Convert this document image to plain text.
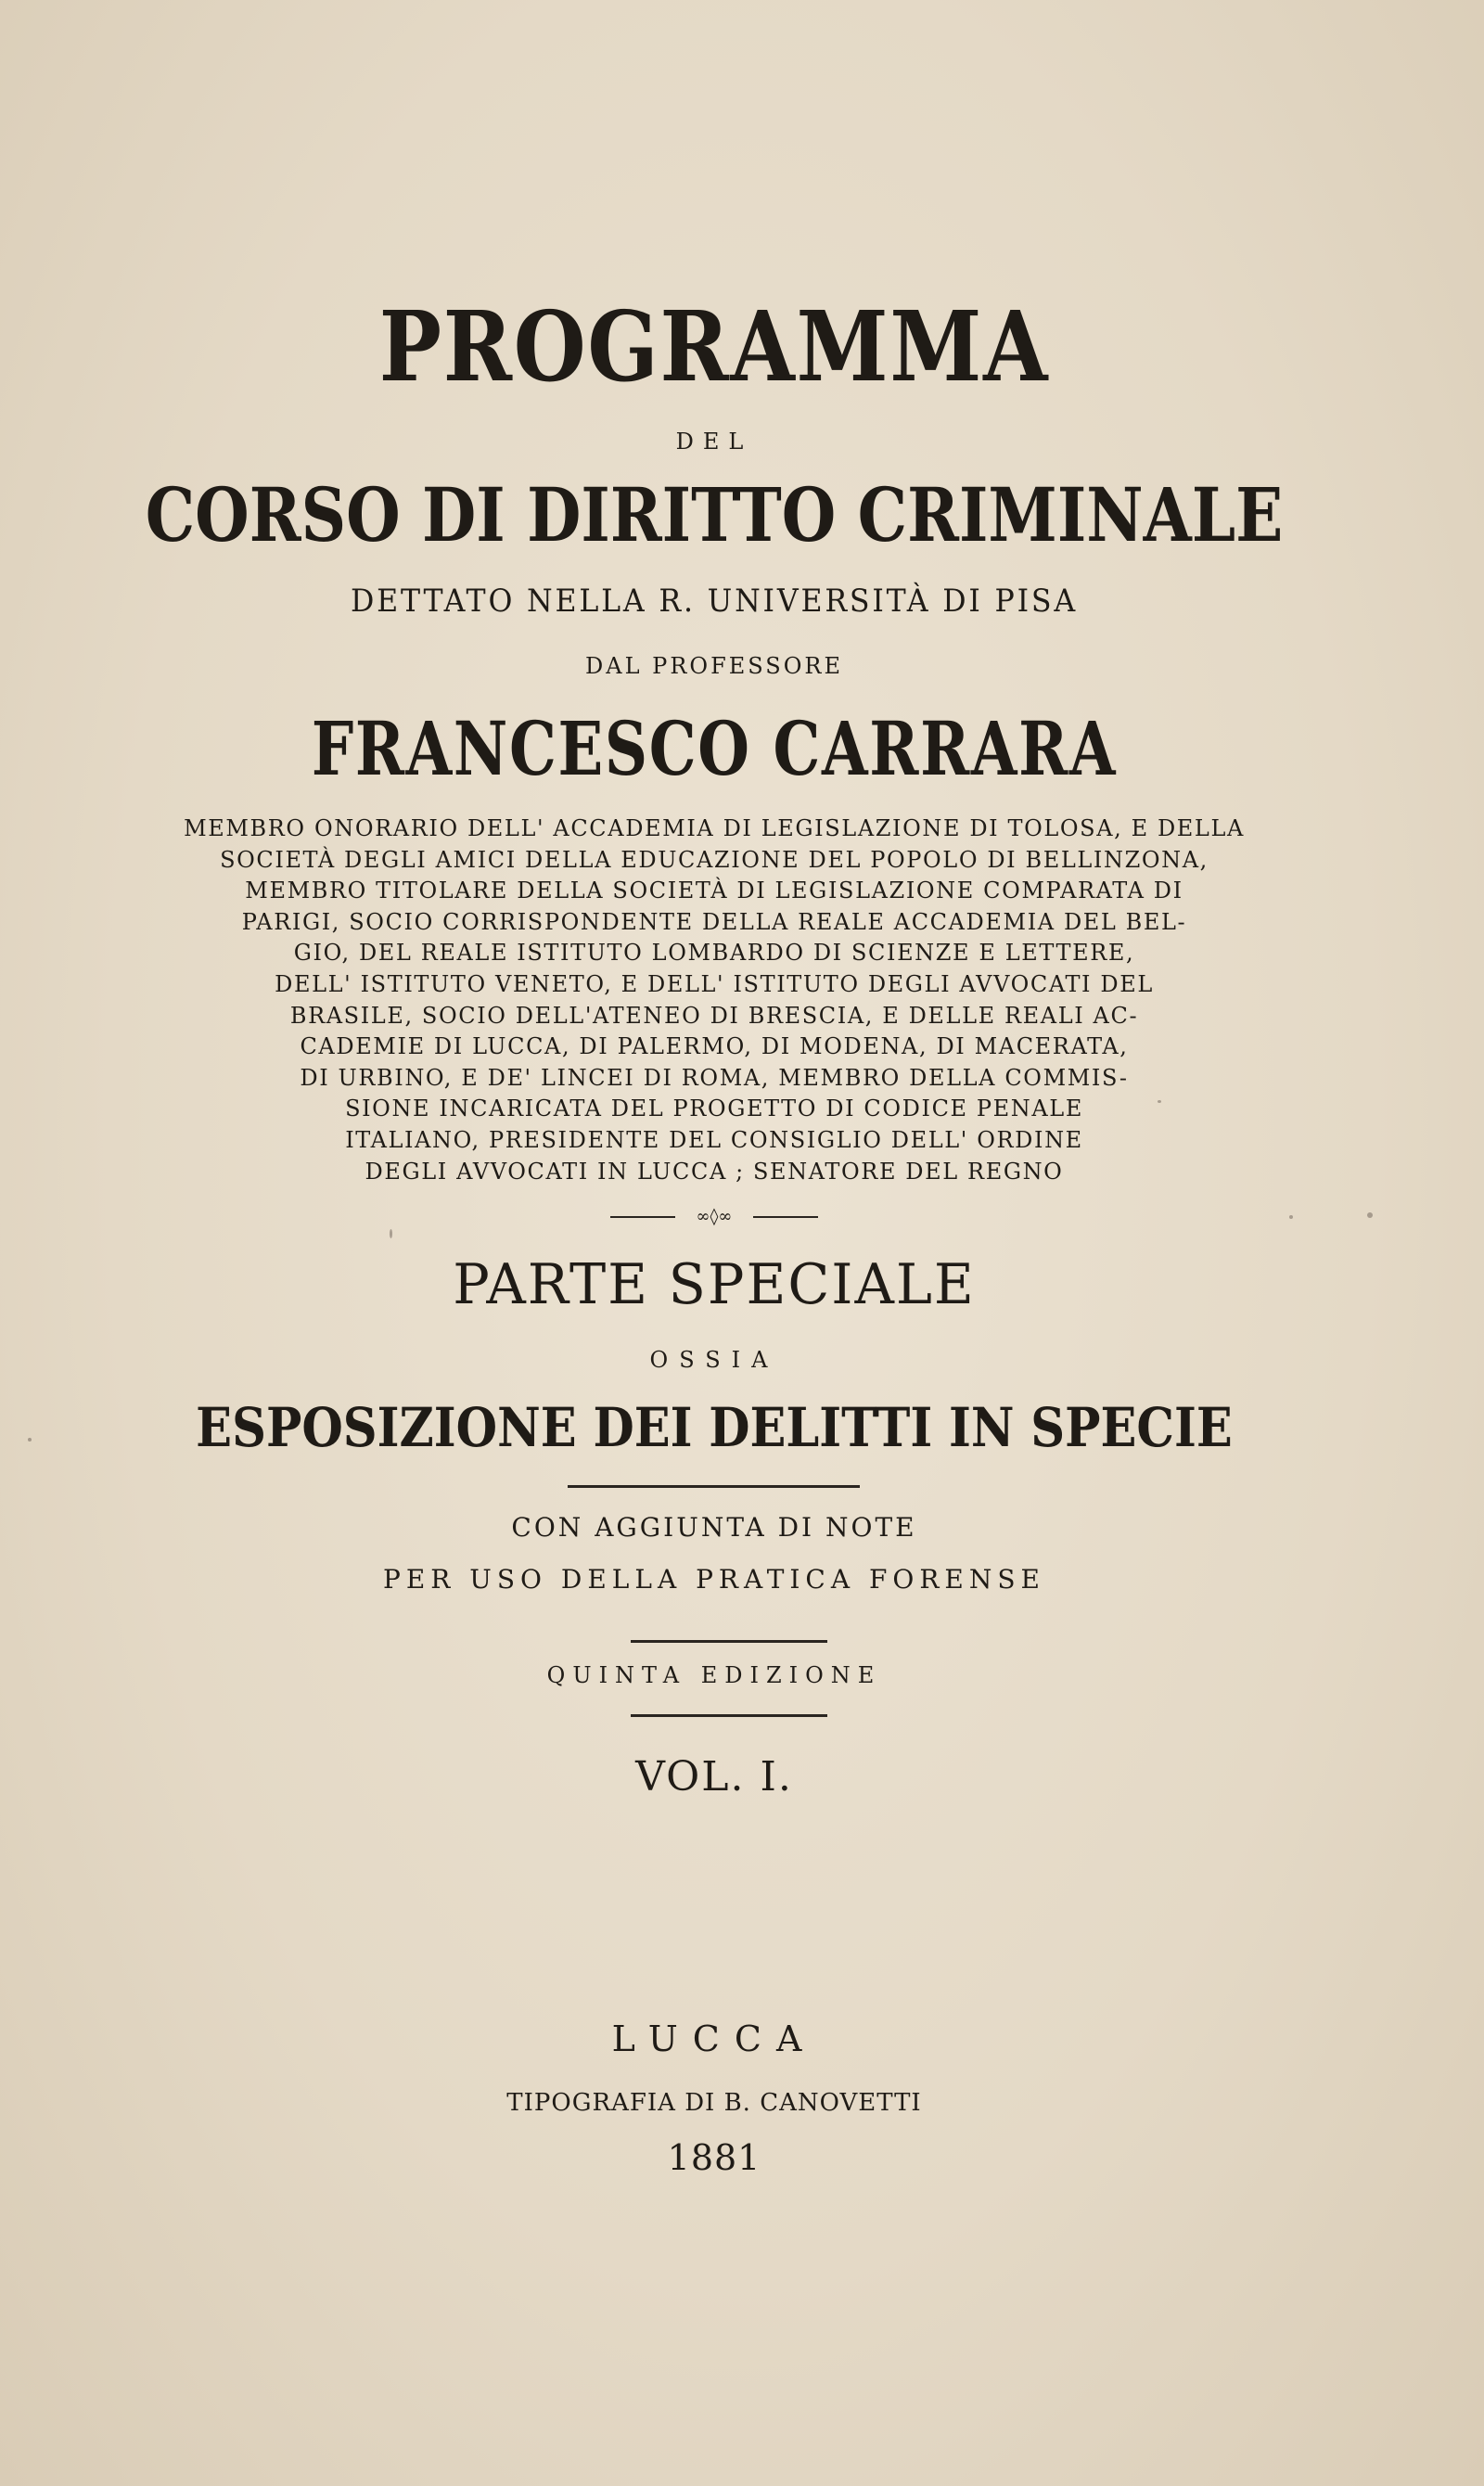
PROGRAMMA
DEL
CORSO DI DIRITTO CRIMINALE
DETTATO NELLA R. UNIVERSITÀ DI PISA
DAL PROFESSORE
FRANCESCO CARRARA
MEMBRO ONORARIO DELL' ACCADEMIA DI LEGISLAZIONE DI TOLOSA, E DELLA
SOCIETÀ DEGLI AMICI DELLA EDUCAZIONE DEL POPOLO DI BELLINZONA,
MEMBRO TITOLARE DELLA SOCIETÀ DI LEGISLAZIONE COMPARATA DI
PARIGI, SOCIO CORRISPONDENTE DELLA REALE ACCADEMIA DEL BEL-
GIO, DEL REALE ISTITUTO LOMBARDO DI SCIENZE E LETTERE,
DELL' ISTITUTO VENETO, E DELL' ISTITUTO DEGLI AVVOCATI DEL
BRASILE, SOCIO DELL'ATENEO DI BRESCIA, E DELLE REALI AC-
CADEMIE DI LUCCA, DI PALERMO, DI MODENA, DI MACERATA,
DI URBINO, E DE' LINCEI DI ROMA, MEMBRO DELLA COMMIS-
SIONE INCARICATA DEL PROGETTO DI CODICE PENALE
ITALIANO, PRESIDENTE DEL CONSIGLIO DELL' ORDINE
DEGLI AVVOCATI IN LUCCA ; SENATORE DEL REGNO
∞◊∞
PARTE SPECIALE
OSSIA
ESPOSIZIONE DEI DELITTI IN SPECIE
CON AGGIUNTA DI NOTE
PER USO DELLA PRATICA FORENSE
QUINTA EDIZIONE
VOL. I.
LUCCA
TIPOGRAFIA DI B. CANOVETTI
1881
